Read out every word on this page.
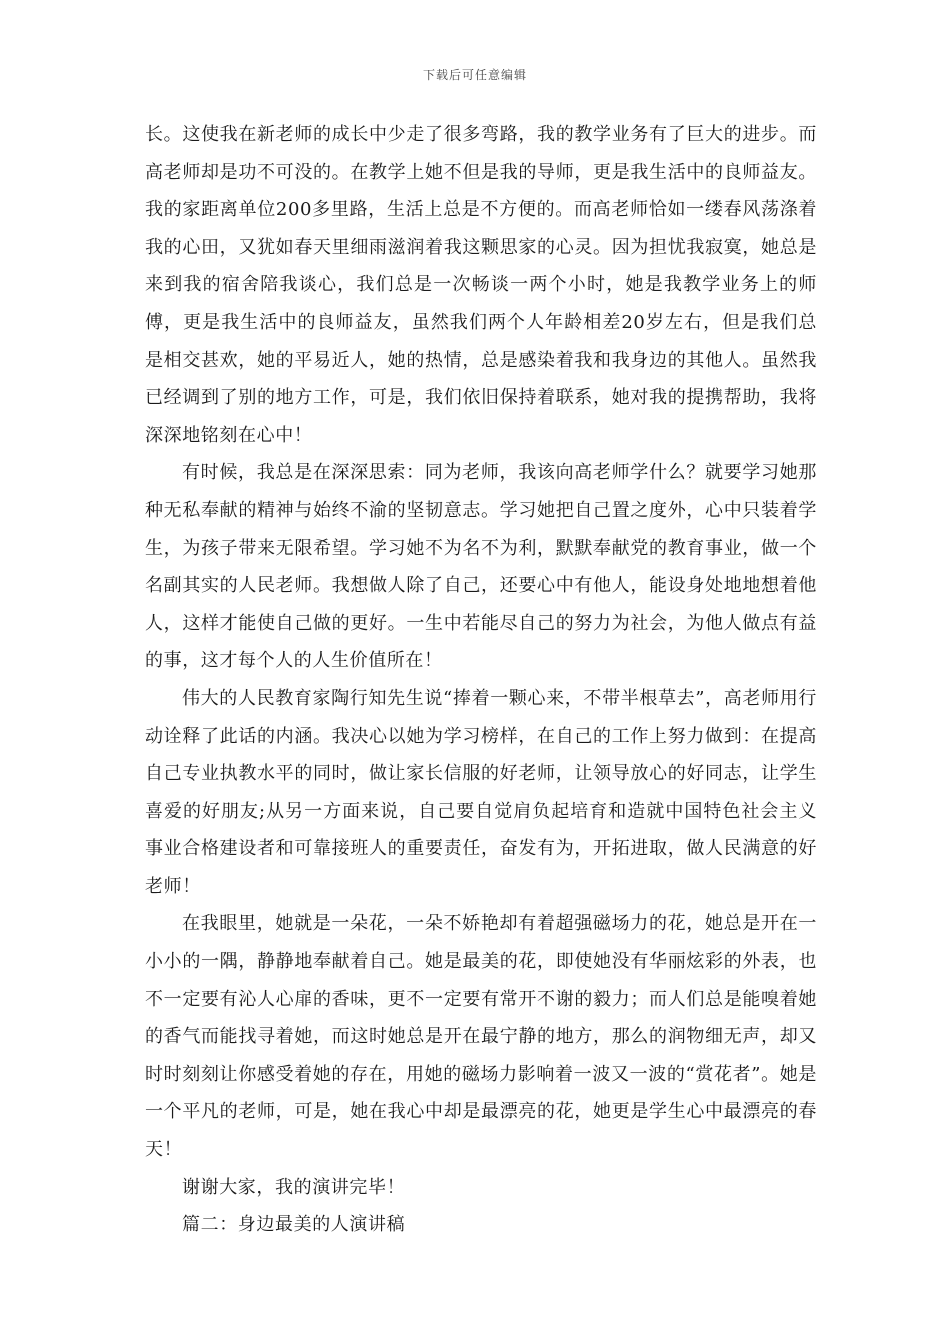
下载后可任意编辑

长。这使我在新老师的成长中少走了很多弯路，我的教学业务有了巨大的进步。而高老师却是功不可没的。在教学上她不但是我的导师，更是我生活中的良师益友。我的家距离单位200多里路，生活上总是不方便的。而高老师恰如一缕春风荡涤着我的心田，又犹如春天里细雨滋润着我这颗思家的心灵。因为担忧我寂寞，她总是来到我的宿舍陪我谈心，我们总是一次畅谈一两个小时，她是我教学业务上的师傅，更是我生活中的良师益友，虽然我们两个人年龄相差20岁左右，但是我们总是相交甚欢，她的平易近人，她的热情，总是感染着我和我身边的其他人。虽然我已经调到了别的地方工作，可是，我们依旧保持着联系，她对我的提携帮助，我将深深地铭刻在心中！

有时候，我总是在深深思索：同为老师，我该向高老师学什么？就要学习她那种无私奉献的精神与始终不渝的坚韧意志。学习她把自己置之度外，心中只装着学生，为孩子带来无限希望。学习她不为名不为利，默默奉献党的教育事业，做一个名副其实的人民老师。我想做人除了自己，还要心中有他人，能设身处地地想着他人，这样才能使自己做的更好。一生中若能尽自己的努力为社会，为他人做点有益的事，这才每个人的人生价值所在！

伟大的人民教育家陶行知先生说“捧着一颗心来，不带半根草去”，高老师用行动诠释了此话的内涵。我决心以她为学习榜样，在自己的工作上努力做到：在提高自己专业执教水平的同时，做让家长信服的好老师，让领导放心的好同志，让学生喜爱的好朋友;从另一方面来说，自己要自觉肩负起培育和造就中国特色社会主义事业合格建设者和可靠接班人的重要责任，奋发有为，开拓进取，做人民满意的好老师！

在我眼里，她就是一朵花，一朵不娇艳却有着超强磁场力的花，她总是开在一小小的一隅，静静地奉献着自己。她是最美的花，即使她没有华丽炫彩的外表，也不一定要有沁人心扉的香味，更不一定要有常开不谢的毅力；而人们总是能嗅着她的香气而能找寻着她，而这时她总是开在最宁静的地方，那么的润物细无声，却又时时刻刻让你感受着她的存在，用她的磁场力影响着一波又一波的“赏花者”。她是一个平凡的老师，可是，她在我心中却是最漂亮的花，她更是学生心中最漂亮的春天！

谢谢大家，我的演讲完毕！

篇二：身边最美的人演讲稿
